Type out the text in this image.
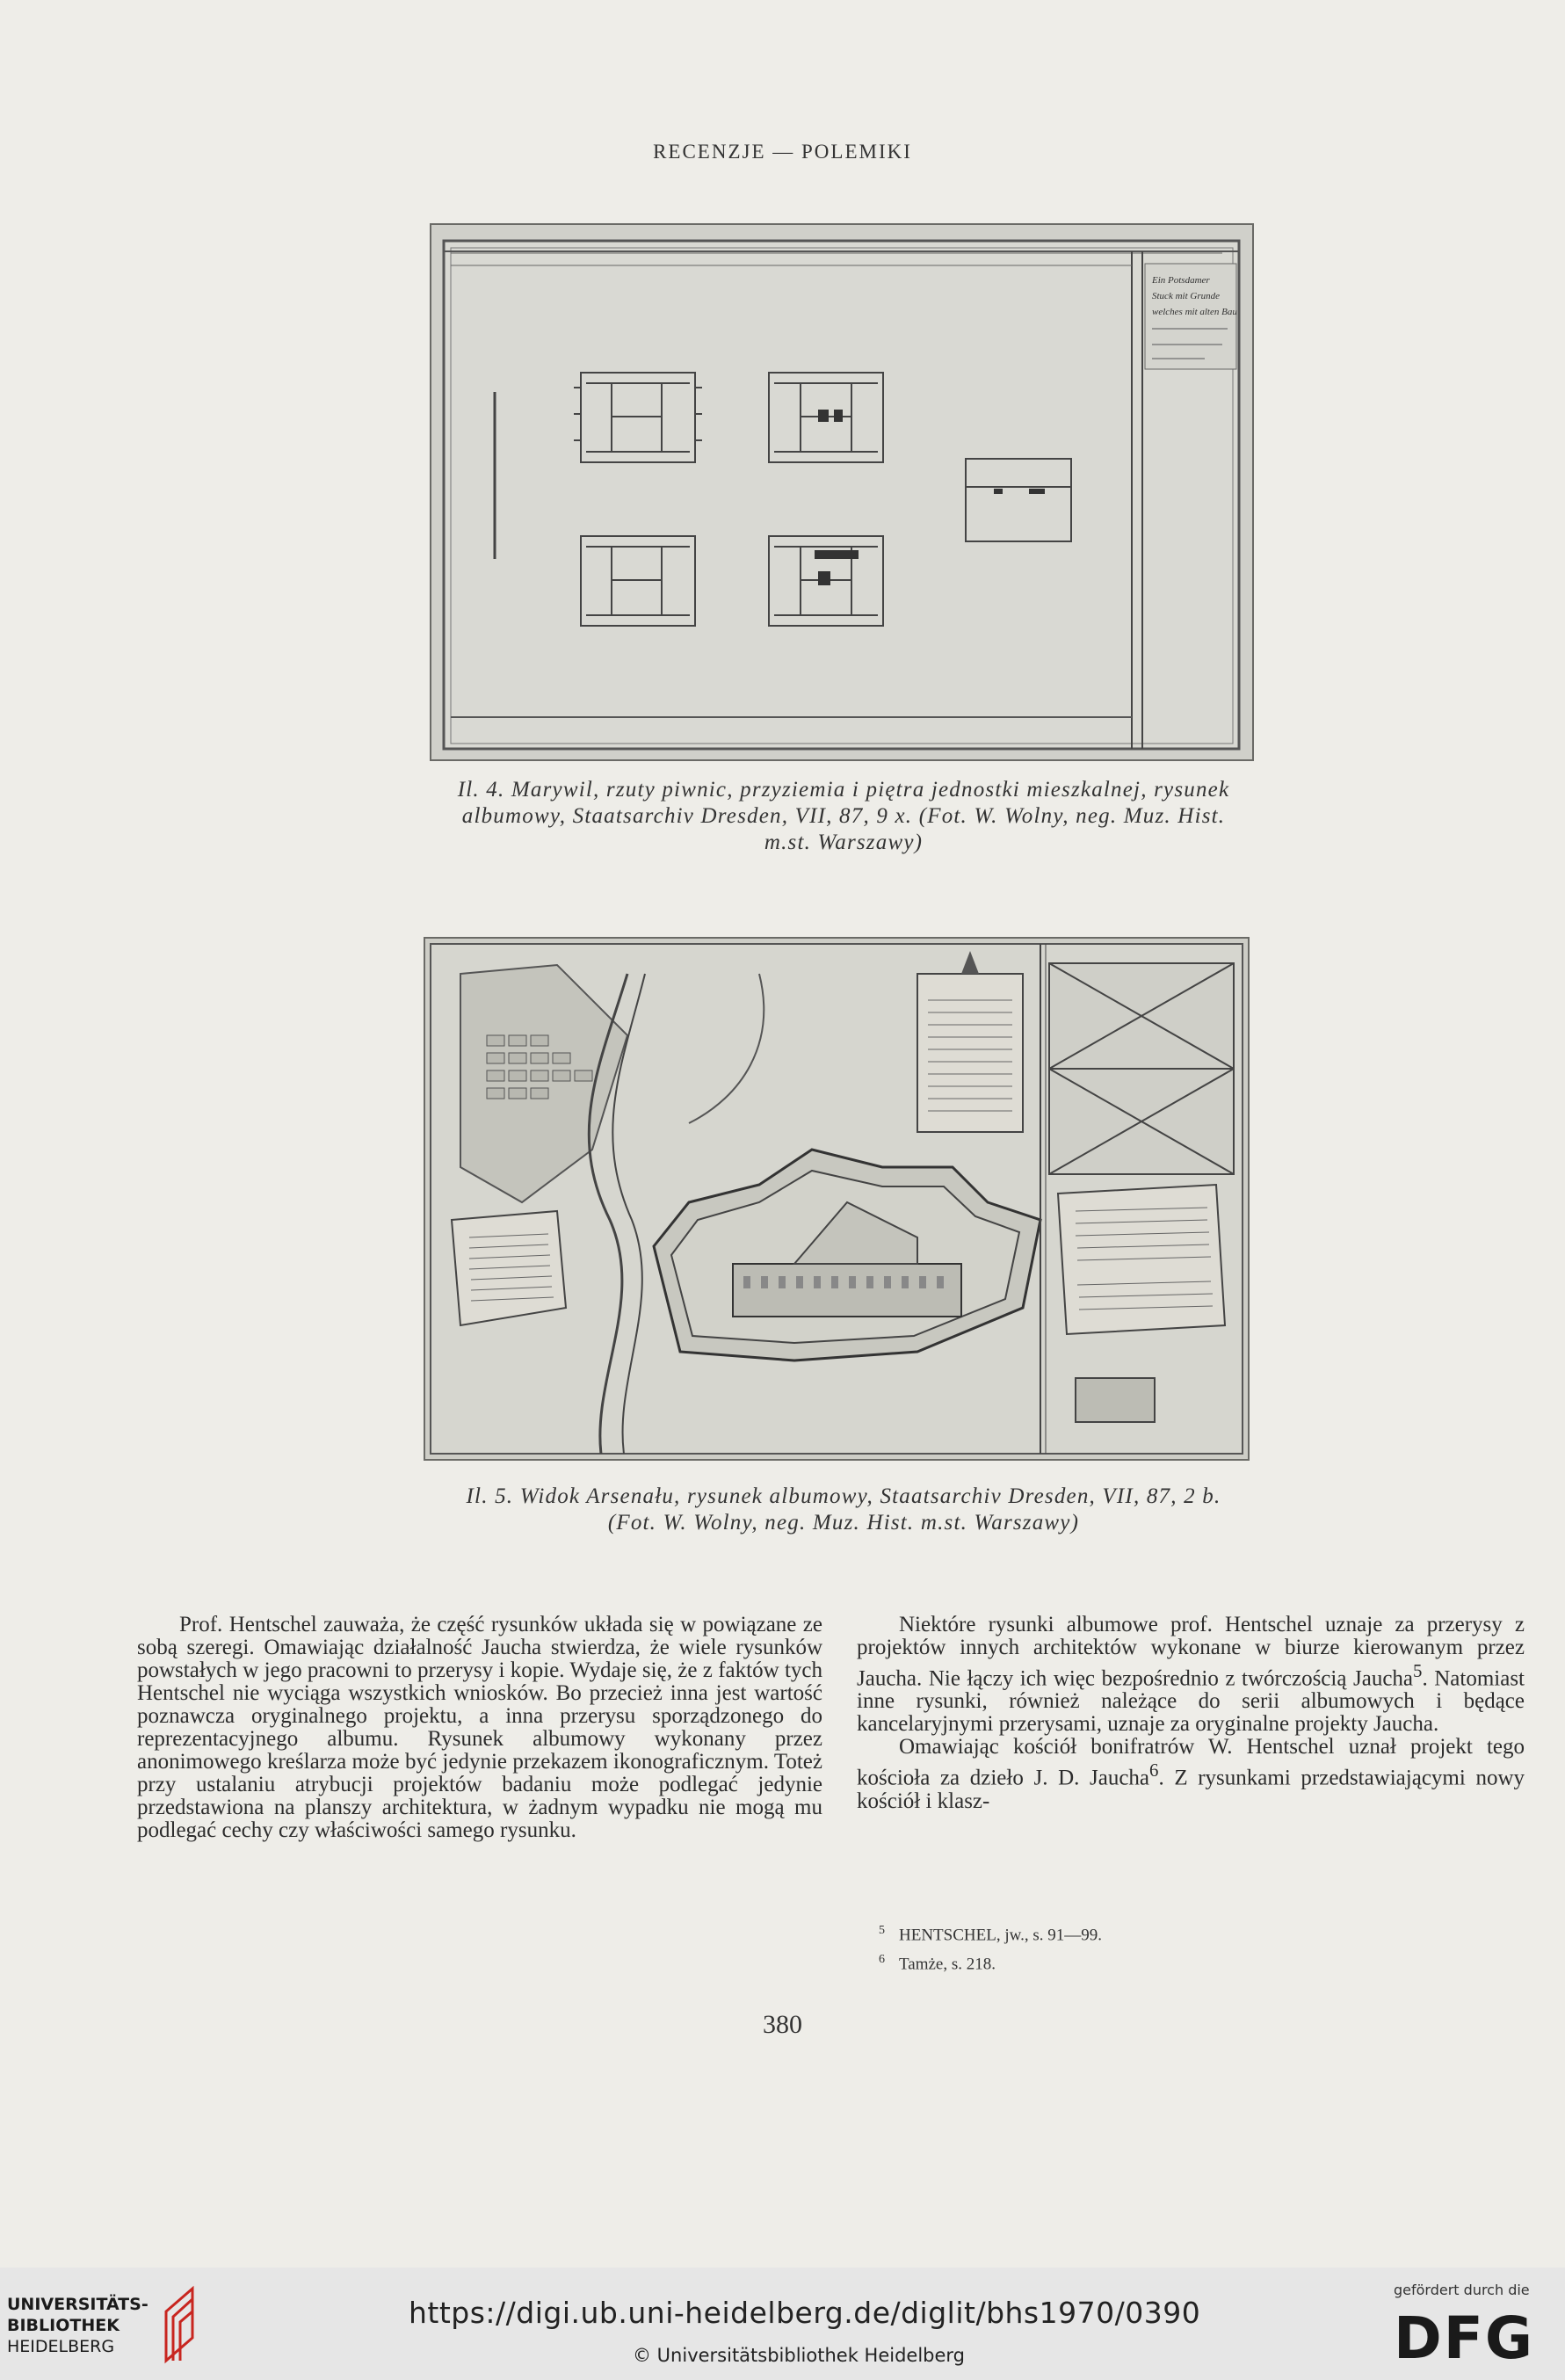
RECENZJE — POLEMIKI
Ein Potsdamer
Stuck mit Grunde
welches mit alten Bau
Il. 4. Marywil, rzuty piwnic, przyziemia i piętra jednostki mieszkalnej, rysunek
albumowy, Staatsarchiv Dresden, VII, 87, 9 x. (Fot. W. Wolny, neg. Muz. Hist.
m.st. Warszawy)
Il. 5. Widok Arsenału, rysunek albumowy, Staatsarchiv Dresden, VII, 87, 2 b.
(Fot. W. Wolny, neg. Muz. Hist. m.st. Warszawy)

Prof. Hentschel zauważa, że część rysunków układa się w powiązane ze sobą szeregi. Omawiając działalność Jaucha stwierdza, że wiele rysunków powstałych w jego pracowni to przerysy i kopie. Wydaje się, że z faktów tych Hentschel nie wyciąga wszystkich wniosków. Bo przecież inna jest wartość poznawcza oryginalnego projektu, a inna przerysu sporządzonego do reprezentacyjnego albumu. Rysunek albumowy wykonany przez anonimowego kreślarza może być jedynie przekazem ikonograficznym. Toteż przy ustalaniu atrybucji projektów badaniu może podlegać jedynie przedstawiona na planszy architektura, w żadnym wypadku nie mogą mu podlegać cechy czy właściwości samego rysunku.

Niektóre rysunki albumowe prof. Hentschel uznaje za przerysy z projektów innych architektów wykonane w biurze kierowanym przez Jaucha. Nie łączy ich więc bezpośrednio z twórczością Jaucha$^5$. Natomiast inne rysunki, również należące do serii albumowych i będące kancelaryjnymi przerysami, uznaje za oryginalne projekty Jaucha.

Omawiając kościół bonifratrów W. Hentschel uznał projekt tego kościoła za dzieło J. D. Jaucha$^6$. Z rysunkami przedstawiającymi nowy kościół i klasz-

$^5$ HENTSCHEL, jw., s. 91—99.
$^6$ Tamże, s. 218.
380
UNIVERSITÄTS-
BIBLIOTHEK
HEIDELBERG
https://digi.ub.uni-heidelberg.de/diglit/bhs1970/0390
© Universitätsbibliothek Heidelberg
gefördert durch die
DFG
